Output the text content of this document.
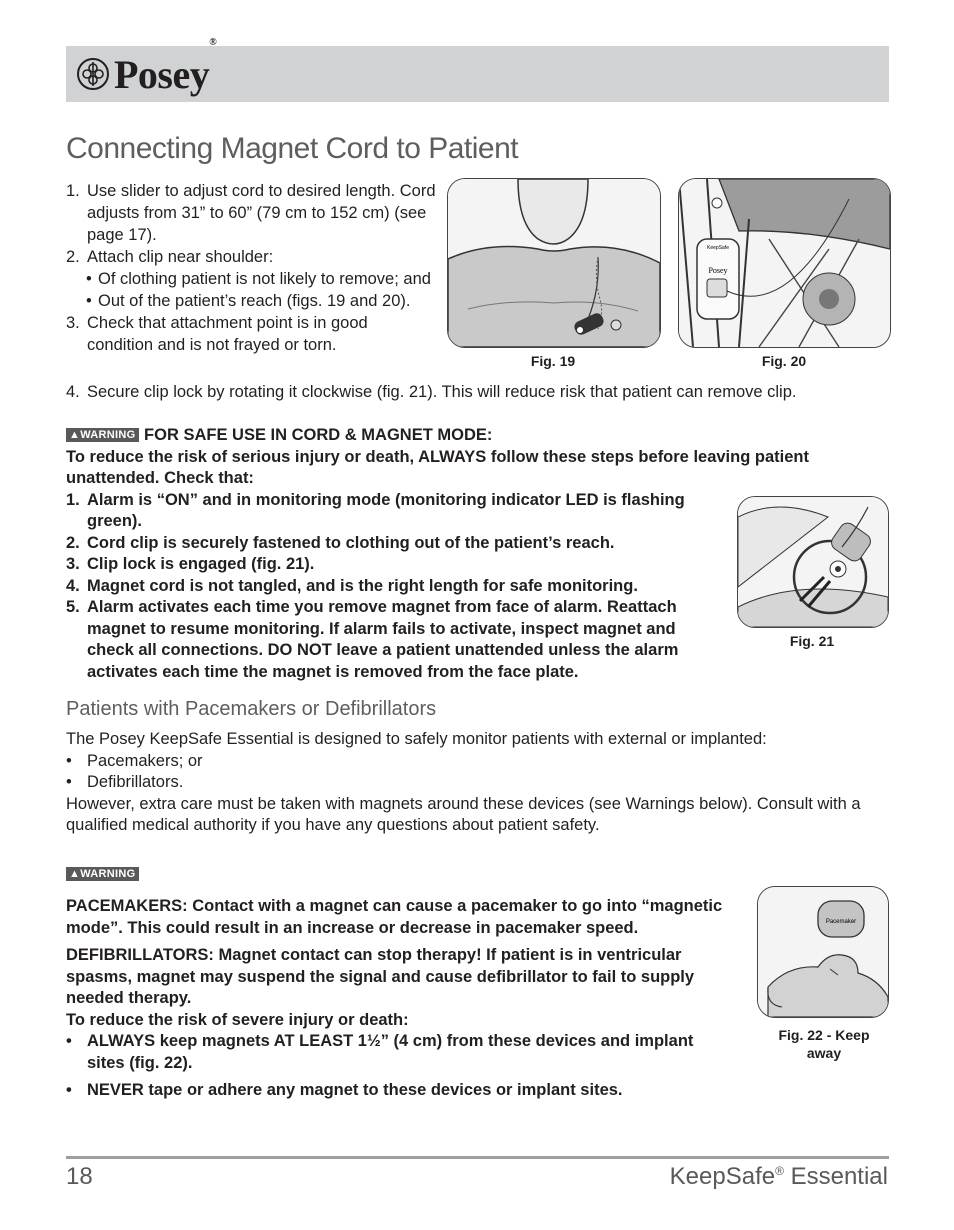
Posey®
Connecting Magnet Cord to Patient
1. Use slider to adjust cord to desired length. Cord adjusts from 31” to 60” (79 cm to 152 cm) (see page 17).
2. Attach clip near shoulder:
• Of clothing patient is not likely to remove; and
• Out of the patient’s reach (figs. 19 and 20).
3. Check that attachment point is in good condition and is not frayed or torn.
Fig. 19
Posey
KeepSafe
Fig. 20
4. Secure clip lock by rotating it clockwise (fig. 21). This will reduce risk that patient can remove clip.
▲WARNING FOR SAFE USE IN CORD & MAGNET MODE:
To reduce the risk of serious injury or death, ALWAYS follow these steps before leaving patient unattended. Check that:
1. Alarm is “ON” and in monitoring mode (monitoring indicator LED is flashing green).
2. Cord clip is securely fastened to clothing out of the patient’s reach.
3. Clip lock is engaged (fig. 21).
4. Magnet cord is not tangled, and is the right length for safe monitoring.
5. Alarm activates each time you remove magnet from face of alarm. Reattach magnet to resume monitoring. If alarm fails to activate, inspect magnet and check all connections. DO NOT leave a patient unattended unless the alarm activates each time the magnet is removed from the face plate.
Fig. 21
Patients with Pacemakers or Defibrillators

The Posey KeepSafe Essential is designed to safely monitor patients with external or implanted:

• Pacemakers; or
• Defibrillators.

However, extra care must be taken with magnets around these devices (see Warnings below). Consult with a qualified medical authority if you have any questions about patient safety.

▲WARNING

PACEMAKERS: Contact with a magnet can cause a pacemaker to go into “magnetic mode”. This could result in an increase or decrease in pacemaker speed.

DEFIBRILLATORS: Magnet contact can stop therapy! If patient is in ventricular spasms, magnet may suspend the signal and cause defibrillator to fail to supply needed therapy.

To reduce the risk of severe injury or death:
• ALWAYS keep magnets AT LEAST 1½” (4 cm) from these devices and implant sites (fig. 22).
• NEVER tape or adhere any magnet to these devices or implant sites.
Pacemaker
Fig. 22 - Keep away
18	KeepSafe® Essential
